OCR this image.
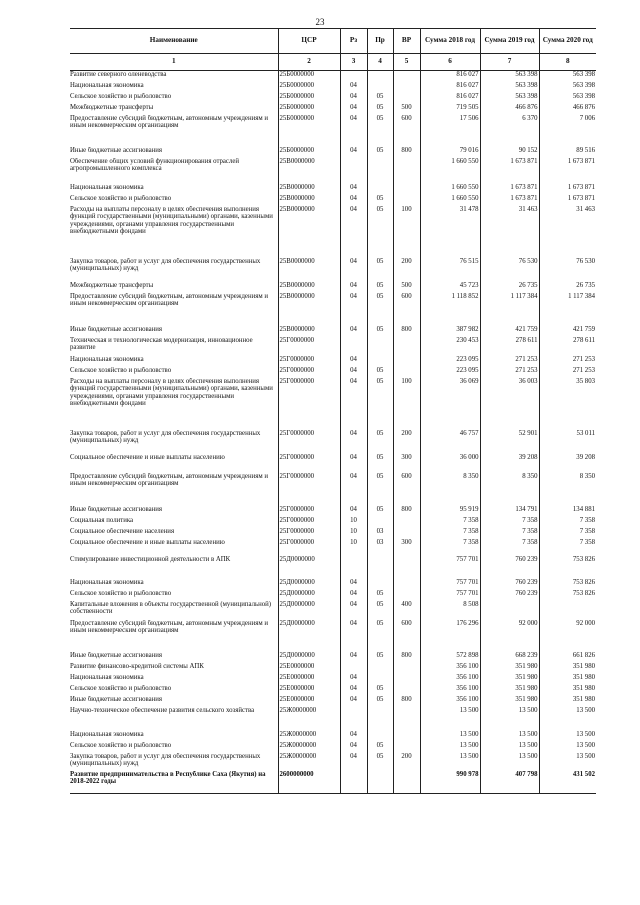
23
Наименование	ЦСР	Рз	Пр	ВР	Сумма 2018 год	Сумма 2019 год	Сумма 2020 год
1	2	3	4	5	6	7	8
Развитие северного оленеводства	25Б0000000				816 027	563 398	563 398
Национальная экономика	25Б0000000	04			816 027	563 398	563 398
Сельское хозяйство и рыболовство	25Б0000000	04	05		816 027	563 398	563 398
Межбюджетные трансферты	25Б0000000	04	05	500	719 505	466 876	466 876
Предоставление субсидий бюджетным, автономным учреждениям и иным некоммерческим организациям	25Б0000000	04	05	600	17 506	6 370	7 006
Иные бюджетные ассигнования	25Б0000000	04	05	800	79 016	90 152	89 516
Обеспечение общих условий функционирования отраслей агропромышленного комплекса	25В0000000				1 660 550	1 673 871	1 673 871
Национальная экономика	25В0000000	04			1 660 550	1 673 871	1 673 871
Сельское хозяйство и рыболовство	25В0000000	04	05		1 660 550	1 673 871	1 673 871
Расходы на выплаты персоналу в целях обеспечения выполнения функций государственными (муниципальными) органами, казенными учреждениями, органами управления государственными внебюджетными фондами	25В0000000	04	05	100	31 478	31 463	31 463
Закупка товаров, работ и услуг для обеспечения государственных (муниципальных) нужд	25В0000000	04	05	200	76 515	76 530	76 530
Межбюджетные трансферты	25В0000000	04	05	500	45 723	26 735	26 735
Предоставление субсидий бюджетным, автономным учреждениям и иным некоммерческим организациям	25В0000000	04	05	600	1 118 852	1 117 384	1 117 384
Иные бюджетные ассигнования	25В0000000	04	05	800	387 982	421 759	421 759
Техническая и технологическая модернизация, инновационное развитие	25Г0000000				230 453	278 611	278 611
Национальная экономика	25Г0000000	04			223 095	271 253	271 253
Сельское хозяйство и рыболовство	25Г0000000	04	05		223 095	271 253	271 253
Расходы на выплаты персоналу в целях обеспечения выполнения функций государственными (муниципальными) органами, казенными учреждениями, органами управления государственными внебюджетными фондами	25Г0000000	04	05	100	36 069	36 003	35 803
Закупка товаров, работ и услуг для обеспечения государственных (муниципальных) нужд	25Г0000000	04	05	200	46 757	52 901	53 011
Социальное обеспечение и иные выплаты населению	25Г0000000	04	05	300	36 000	39 208	39 208
Предоставление субсидий бюджетным, автономным учреждениям и иным некоммерческим организациям	25Г0000000	04	05	600	8 350	8 350	8 350
Иные бюджетные ассигнования	25Г0000000	04	05	800	95 919	134 791	134 881
Социальная политика	25Г0000000	10			7 358	7 358	7 358
Социальное обеспечение населения	25Г0000000	10	03		7 358	7 358	7 358
Социальное обеспечение и иные выплаты населению	25Г0000000	10	03	300	7 358	7 358	7 358
Стимулирование инвестиционной деятельности в АПК	25Д0000000				757 701	760 239	753 826
Национальная экономика	25Д0000000	04			757 701	760 239	753 826
Сельское хозяйство и рыболовство	25Д0000000	04	05		757 701	760 239	753 826
Капитальные вложения в объекты государственной (муниципальной) собственности	25Д0000000	04	05	400	8 508		
Предоставление субсидий бюджетным, автономным учреждениям и иным некоммерческим организациям	25Д0000000	04	05	600	176 296	92 000	92 000
Иные бюджетные ассигнования	25Д0000000	04	05	800	572 898	668 239	661 826
Развитие финансово-кредитной системы АПК	25Е0000000				356 100	351 980	351 980
Национальная экономика	25Е0000000	04			356 100	351 980	351 980
Сельское хозяйство и рыболовство	25Е0000000	04	05		356 100	351 980	351 980
Иные бюджетные ассигнования	25Е0000000	04	05	800	356 100	351 980	351 980
Научно-техническое обеспечение развития сельского хозяйства	25Ж0000000				13 500	13 500	13 500
Национальная экономика	25Ж0000000	04			13 500	13 500	13 500
Сельское хозяйство и рыболовство	25Ж0000000	04	05		13 500	13 500	13 500
Закупка товаров, работ и услуг для обеспечения государственных (муниципальных) нужд	25Ж0000000	04	05	200	13 500	13 500	13 500
Развитие предпринимательства в Республике Саха (Якутия) на 2018-2022 годы	2600000000				990 978	407 798	431 502
